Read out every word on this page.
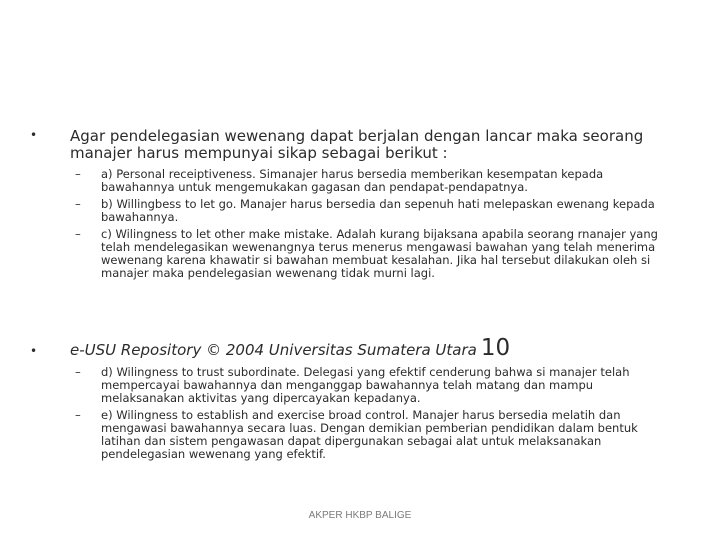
• Agar pendelegasian wewenang dapat berjalan dengan lancar maka seorang manajer harus mempunyai sikap sebagai berikut :
– a) Personal receiptiveness. Simanajer harus bersedia memberikan kesempatan kepada bawahannya untuk mengemukakan gagasan dan pendapat-pendapatnya.
– b) Willingbess to let go. Manajer harus bersedia dan sepenuh hati melepaskan ewenang kepada bawahannya.
– c) Wilingness to let other make mistake. Adalah kurang bijaksana apabila seorang rnanajer yang telah mendelegasikan wewenangnya terus menerus mengawasi bawahan yang telah menerima wewenang karena khawatir si bawahan membuat kesalahan. Jika hal tersebut dilakukan oleh si manajer maka pendelegasian wewenang tidak murni lagi.
• e-USU Repository © 2004 Universitas Sumatera Utara 10
– d) Wilingness to trust subordinate. Delegasi yang efektif cenderung bahwa si manajer telah mempercayai bawahannya dan menganggap bawahannya telah matang dan mampu melaksanakan aktivitas yang dipercayakan kepadanya.
– e) Wilingness to establish and exercise broad control. Manajer harus bersedia melatih dan mengawasi bawahannya secara luas. Dengan demikian pemberian pendidikan dalam bentuk latihan dan sistem pengawasan dapat dipergunakan sebagai alat untuk melaksanakan pendelegasian wewenang yang efektif.
AKPER HKBP BALIGE
